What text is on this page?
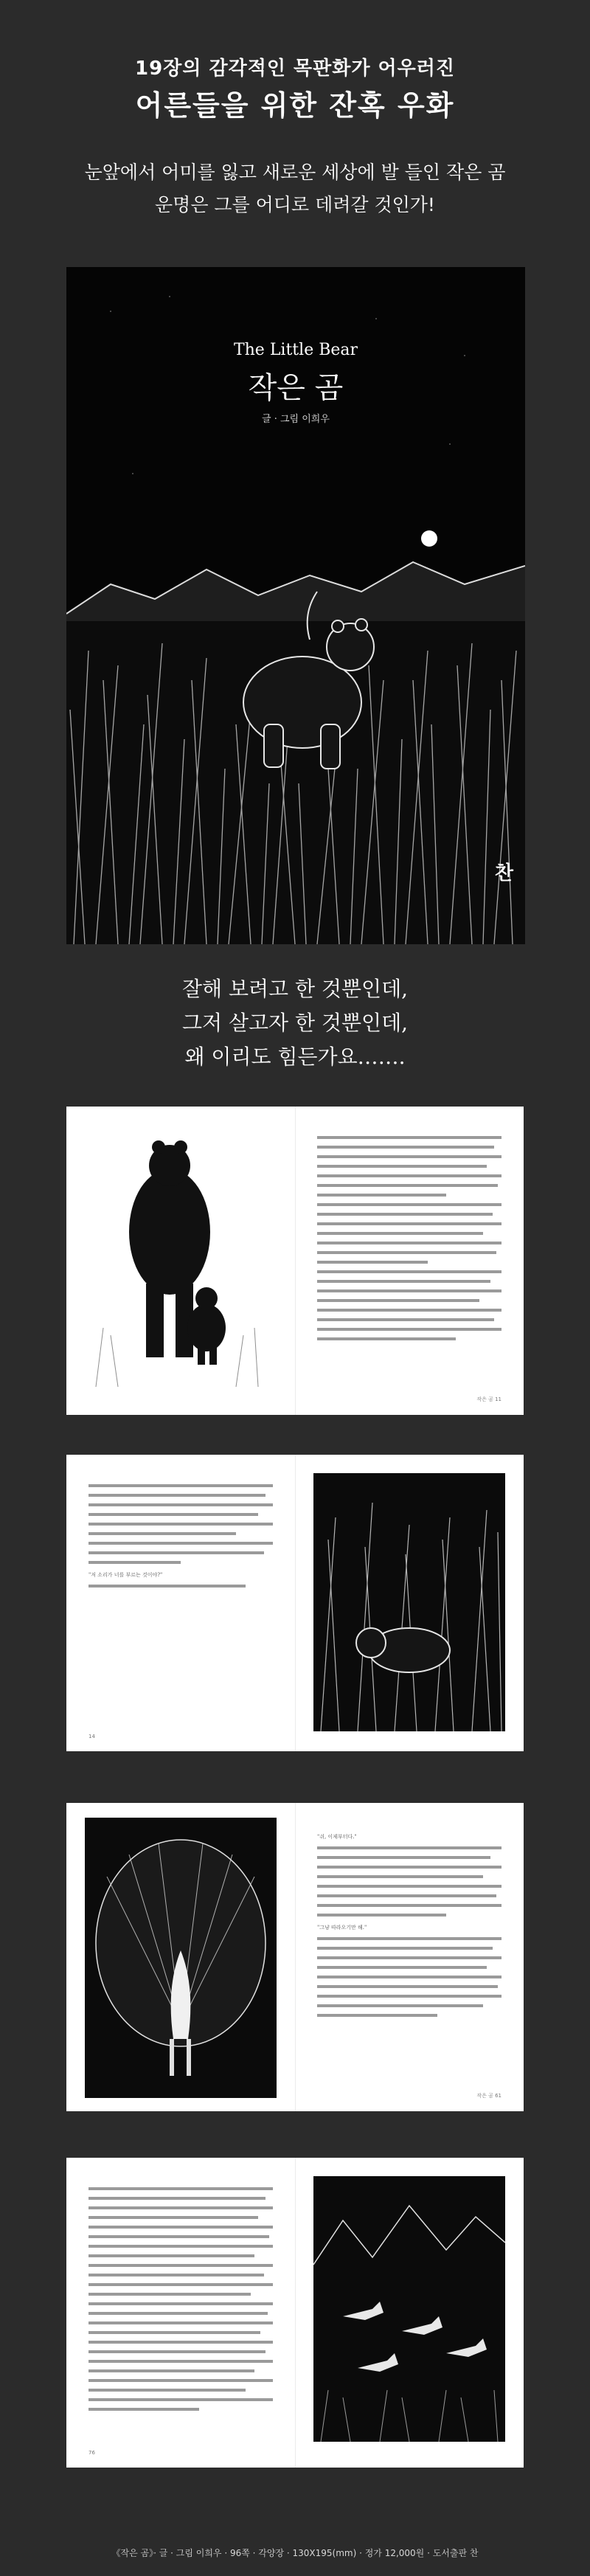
19장의 감각적인 목판화가 어우러진
어른들을 위한 잔혹 우화
눈앞에서 어미를 잃고 새로운 세상에 발 들인 작은 곰
운명은 그를 어디로 데려갈 것인가!
The Little Bear
작은 곰
글 · 그림 이희우
찬
잘해 보려고 한 것뿐인데,
그저 살고자 한 것뿐인데,
왜 이리도 힘든가요…….
작은 곰 11
"저 소리가 너를 부르는 것이야?"
14
"쉬, 이제부터다."
"그냥 따라오기만 해."
작은 곰 61
76
《작은 곰》· 글 · 그림 이희우 · 96쪽 · 각양장 · 130X195(mm) · 정가 12,000원 · 도서출판 찬
